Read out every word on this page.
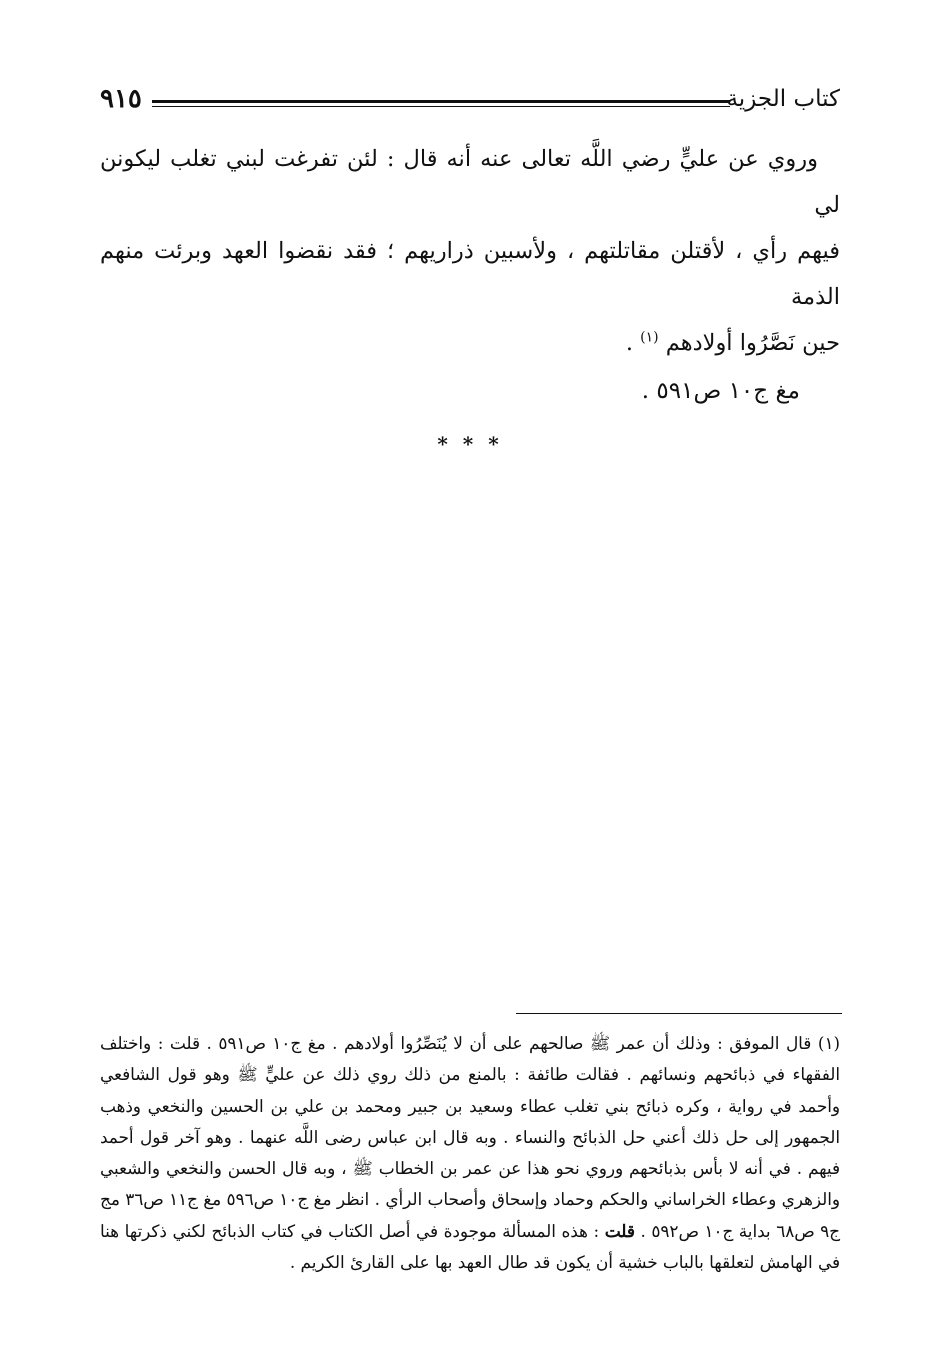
كتاب الجزية
٩١٥

وروي عن عليٍّ رضي اللَّه تعالى عنه أنه قال : لئن تفرغت لبني تغلب ليكونن لي

فيهم رأي ، لأقتلن مقاتلتهم ، ولأسبين ذراريهم ؛ فقد نقضوا العهد وبرئت منهم الذمة

حين نَصَّرُوا أولادهم $^{(١)}$ .

مغ ج١٠ ص٥٩١ .
* * *
(١) قال الموفق : وذلك أن عمر ﷺ صالحهم على أن لا يُنَصِّرُوا أولادهم . مغ ج١٠ ص٥٩١ . قلت : واختلف الفقهاء في ذبائحهم ونسائهم . فقالت طائفة : بالمنع من ذلك روي ذلك عن عليٍّ ﷺ وهو قول الشافعي وأحمد في رواية ، وكره ذبائح بني تغلب عطاء وسعيد بن جبير ومحمد بن علي بن الحسين والنخعي وذهب الجمهور إلى حل ذلك أعني حل الذبائح والنساء . وبه قال ابن عباس رضى اللَّه عنهما . وهو آخر قول أحمد فيهم . في أنه لا بأس بذبائحهم وروي نحو هذا عن عمر بن الخطاب ﷺ ، وبه قال الحسن والنخعي والشعبي والزهري وعطاء الخراساني والحكم وحماد وإسحاق وأصحاب الرأي . انظر مغ ج١٠ ص٥٩٦ مغ ج١١ ص٣٦ مج ج٩ ص٦٨ بداية ج١٠ ص٥٩٢ . قلت : هذه المسألة موجودة في أصل الكتاب في كتاب الذبائح لكني ذكرتها هنا في الهامش لتعلقها بالباب خشية أن يكون قد طال العهد بها على القارئ الكريم .
